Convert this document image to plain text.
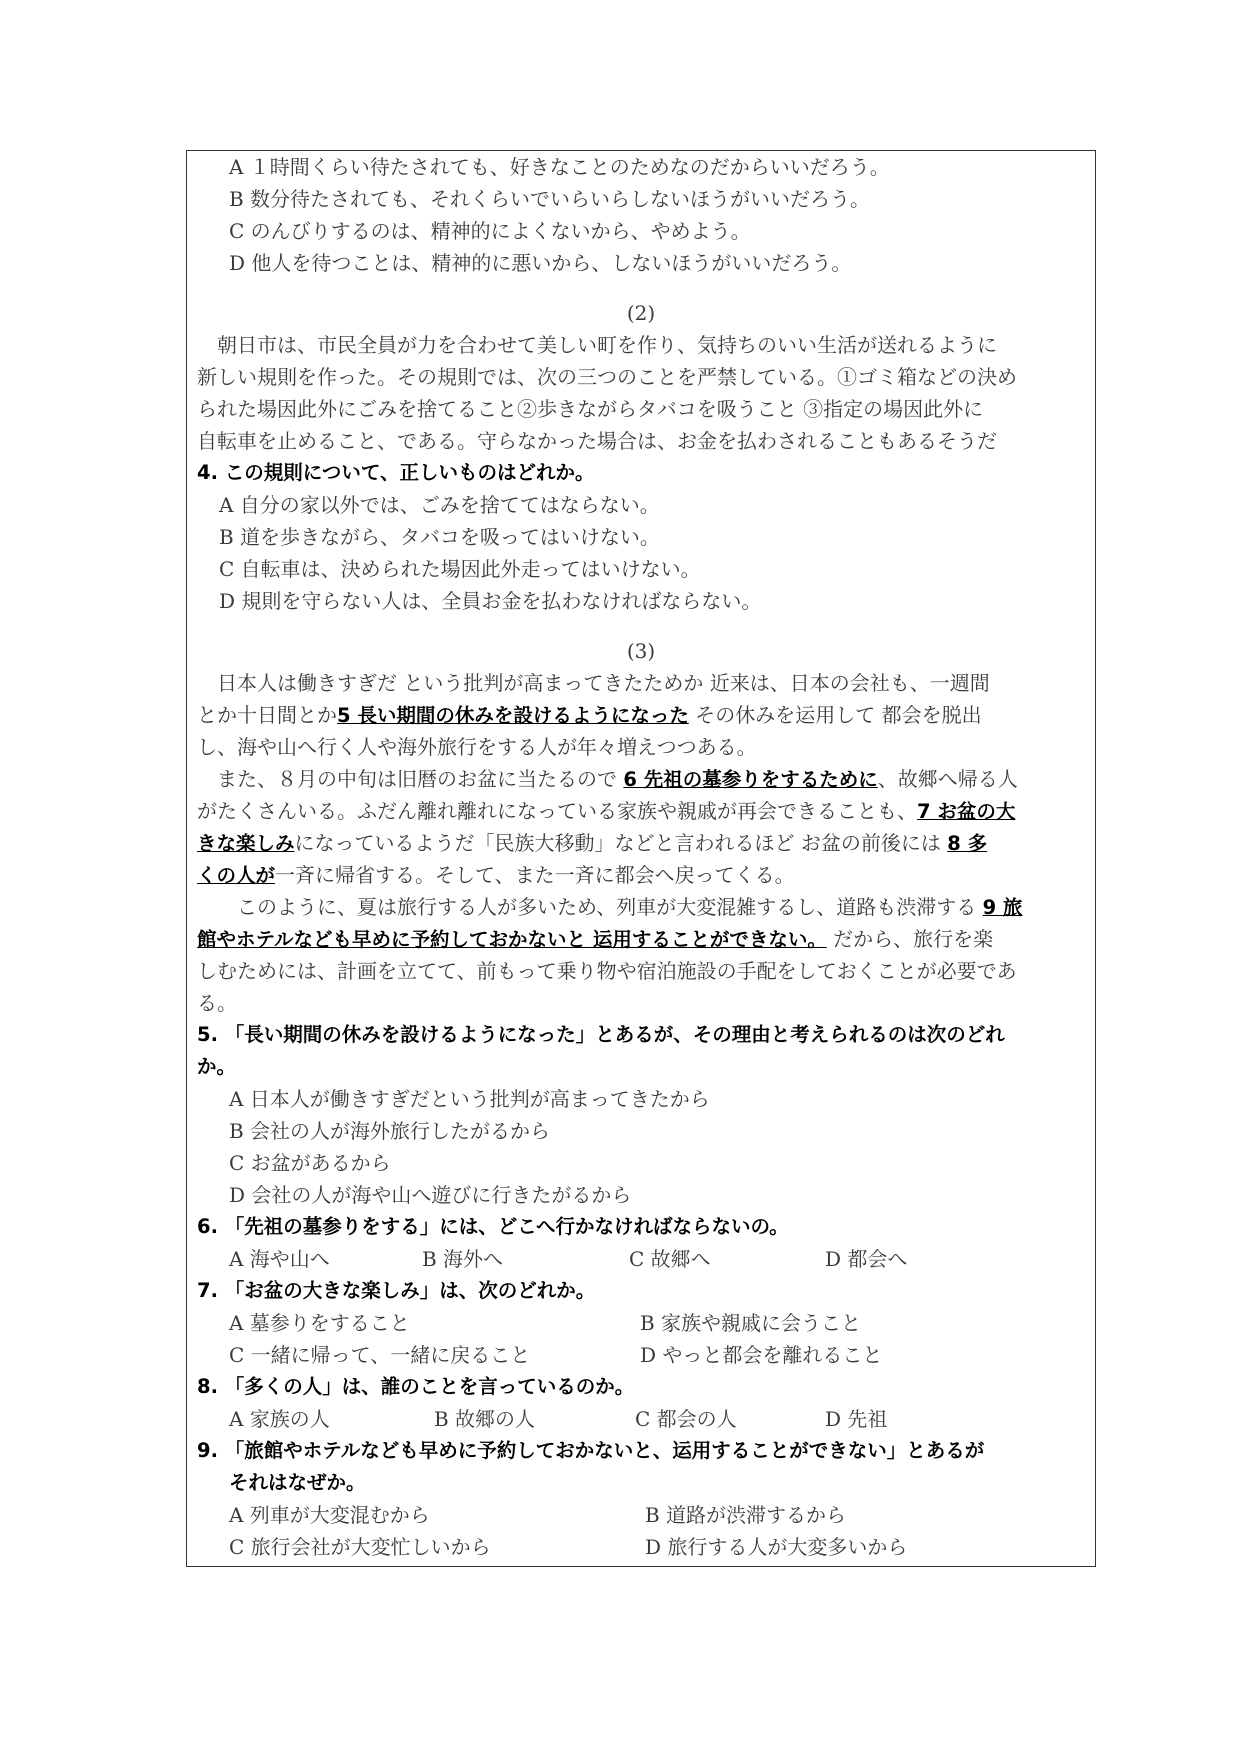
A １時間くらい待たされても、好きなことのためなのだからいいだろう。
B 数分待たされても、それくらいでいらいらしないほうがいいだろう。
C のんびりするのは、精神的によくないから、やめよう。
D 他人を待つことは、精神的に悪いから、しないほうがいいだろう。
(2)
　朝日市は、市民全員が力を合わせて美しい町を作り、気持ちのいい生活が送れるように
新しい規則を作った。その規則では、次の三つのことを严禁している。①ゴミ箱などの決め
られた場因此外にごみを捨てること②歩きながらタバコを吸うこと ③指定の場因此外に
自転車を止めること、である。守らなかった場合は、お金を払わされることもあるそうだ
4. この規則について、正しいものはどれか。
A 自分の家以外では、ごみを捨ててはならない。
B 道を歩きながら、タバコを吸ってはいけない。
C 自転車は、決められた場因此外走ってはいけない。
D 規則を守らない人は、全員お金を払わなければならない。
(3)
　日本人は働きすぎだ という批判が高まってきたためか 近来は、日本の会社も、一週間
とか十日間とか5 長い期間の休みを設けるようになった その休みを运用して 都会を脱出
し、海や山へ行く人や海外旅行をする人が年々増えつつある。
　また、８月の中旬は旧暦のお盆に当たるので 6 先祖の墓参りをするために、故郷へ帰る人
がたくさんいる。ふだん離れ離れになっている家族や親戚が再会できることも、7 お盆の大
きな楽しみになっているようだ「民族大移動」などと言われるほど お盆の前後には 8 多
くの人が一斉に帰省する。そして、また一斉に都会へ戻ってくる。
　　このように、夏は旅行する人が多いため、列車が大変混雑するし、道路も渋滞する 9 旅
館やホテルなども早めに予約しておかないと 运用することができない。 だから、旅行を楽
しむためには、計画を立てて、前もって乗り物や宿泊施設の手配をしておくことが必要であ
る。
5. 「長い期間の休みを設けるようになった」とあるが、その理由と考えられるのは次のどれ
か。
A 日本人が働きすぎだという批判が高まってきたから
B 会社の人が海外旅行したがるから
C お盆があるから
D 会社の人が海や山へ遊びに行きたがるから
6. 「先祖の墓参りをする」には、どこへ行かなければならないの。
A 海や山へ	B 海外へ	C 故郷へ	D 都会へ
7. 「お盆の大きな楽しみ」は、次のどれか。
A 墓参りをすること	B 家族や親戚に会うこと
C 一緒に帰って、一緒に戻ること	D やっと都会を離れること
8. 「多くの人」は、誰のことを言っているのか。
A 家族の人	B 故郷の人	C 都会の人	D 先祖
9. 「旅館やホテルなども早めに予約しておかないと、运用することができない」とあるが
それはなぜか。
A 列車が大変混むから	B 道路が渋滞するから
C 旅行会社が大変忙しいから	D 旅行する人が大変多いから
